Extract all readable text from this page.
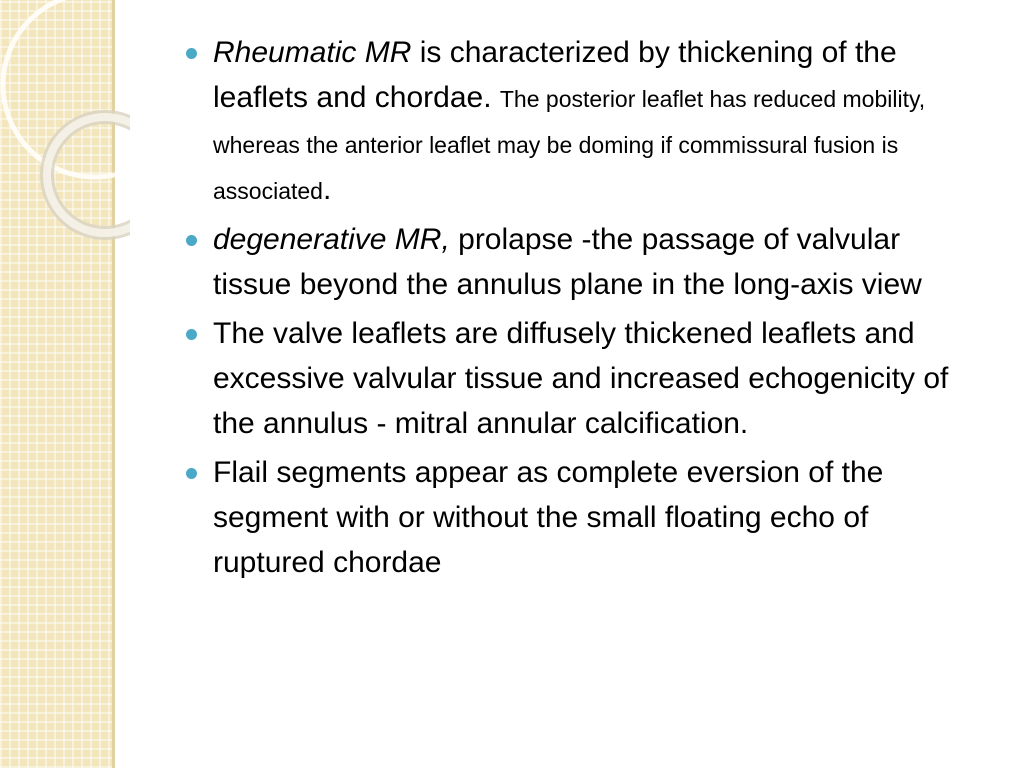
Rheumatic MR is characterized by thickening of the leaflets and chordae. The posterior leaflet has reduced mobility, whereas the anterior leaflet may be doming if commissural fusion is associated.
degenerative MR, prolapse -the passage of valvular tissue beyond the annulus plane in the long-axis view
The valve leaflets are diffusely thickened leaflets and excessive valvular tissue and increased echogenicity of the annulus - mitral annular calcification.
Flail segments appear as complete eversion of the segment with or without the small floating echo of ruptured chordae
